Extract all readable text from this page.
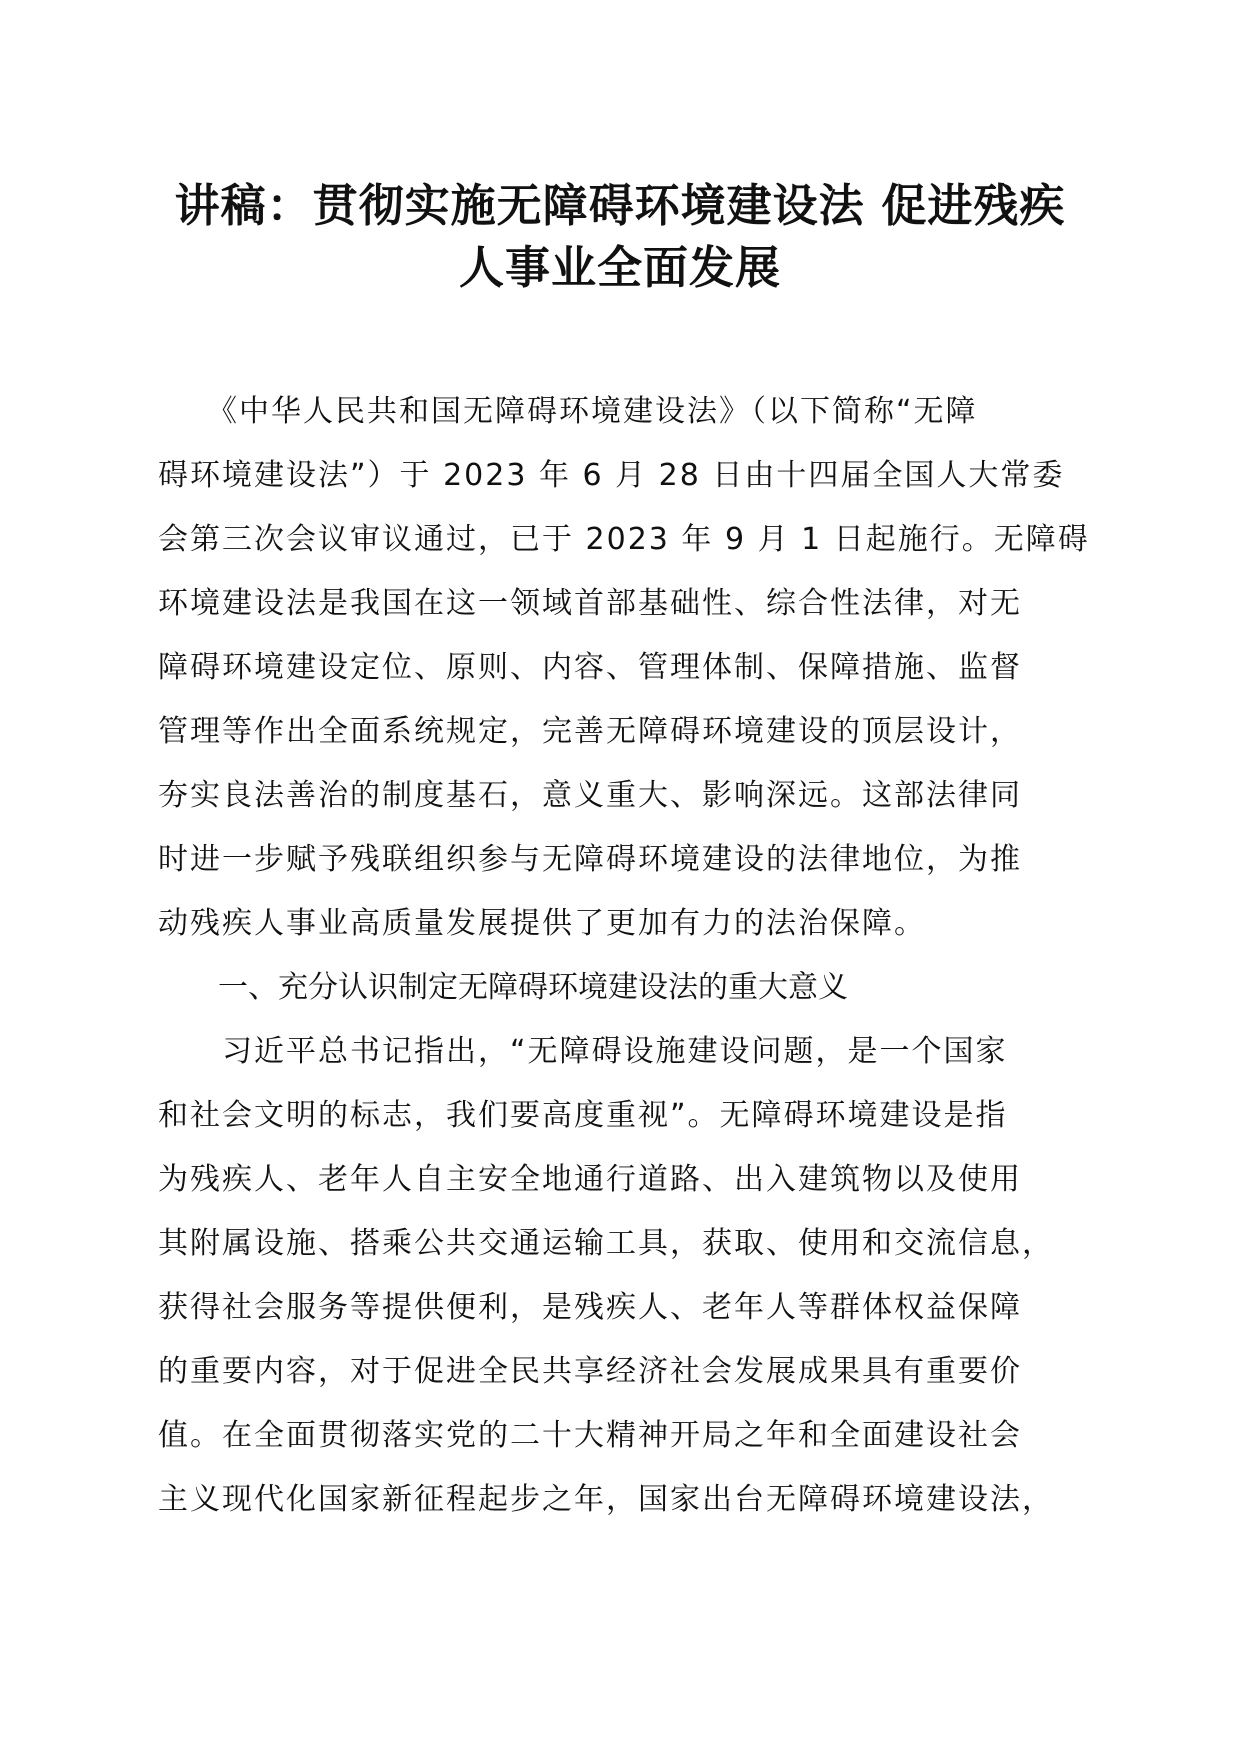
讲稿：贯彻实施无障碍环境建设法 促进残疾
人事业全面发展
　　《中华人民共和国无障碍环境建设法》（以下简称“无障
碍环境建设法”）于 2023 年 6 月 28 日由十四届全国人大常委
会第三次会议审议通过，已于 2023 年 9 月 1 日起施行。无障碍
环境建设法是我国在这一领域首部基础性、综合性法律，对无
障碍环境建设定位、原则、内容、管理体制、保障措施、监督
管理等作出全面系统规定，完善无障碍环境建设的顶层设计，
夯实良法善治的制度基石，意义重大、影响深远。这部法律同
时进一步赋予残联组织参与无障碍环境建设的法律地位，为推
动残疾人事业高质量发展提供了更加有力的法治保障。
　　一、充分认识制定无障碍环境建设法的重大意义
　　习近平总书记指出，“无障碍设施建设问题，是一个国家
和社会文明的标志，我们要高度重视”。无障碍环境建设是指
为残疾人、老年人自主安全地通行道路、出入建筑物以及使用
其附属设施、搭乘公共交通运输工具，获取、使用和交流信息，
获得社会服务等提供便利，是残疾人、老年人等群体权益保障
的重要内容，对于促进全民共享经济社会发展成果具有重要价
值。在全面贯彻落实党的二十大精神开局之年和全面建设社会
主义现代化国家新征程起步之年，国家出台无障碍环境建设法，
